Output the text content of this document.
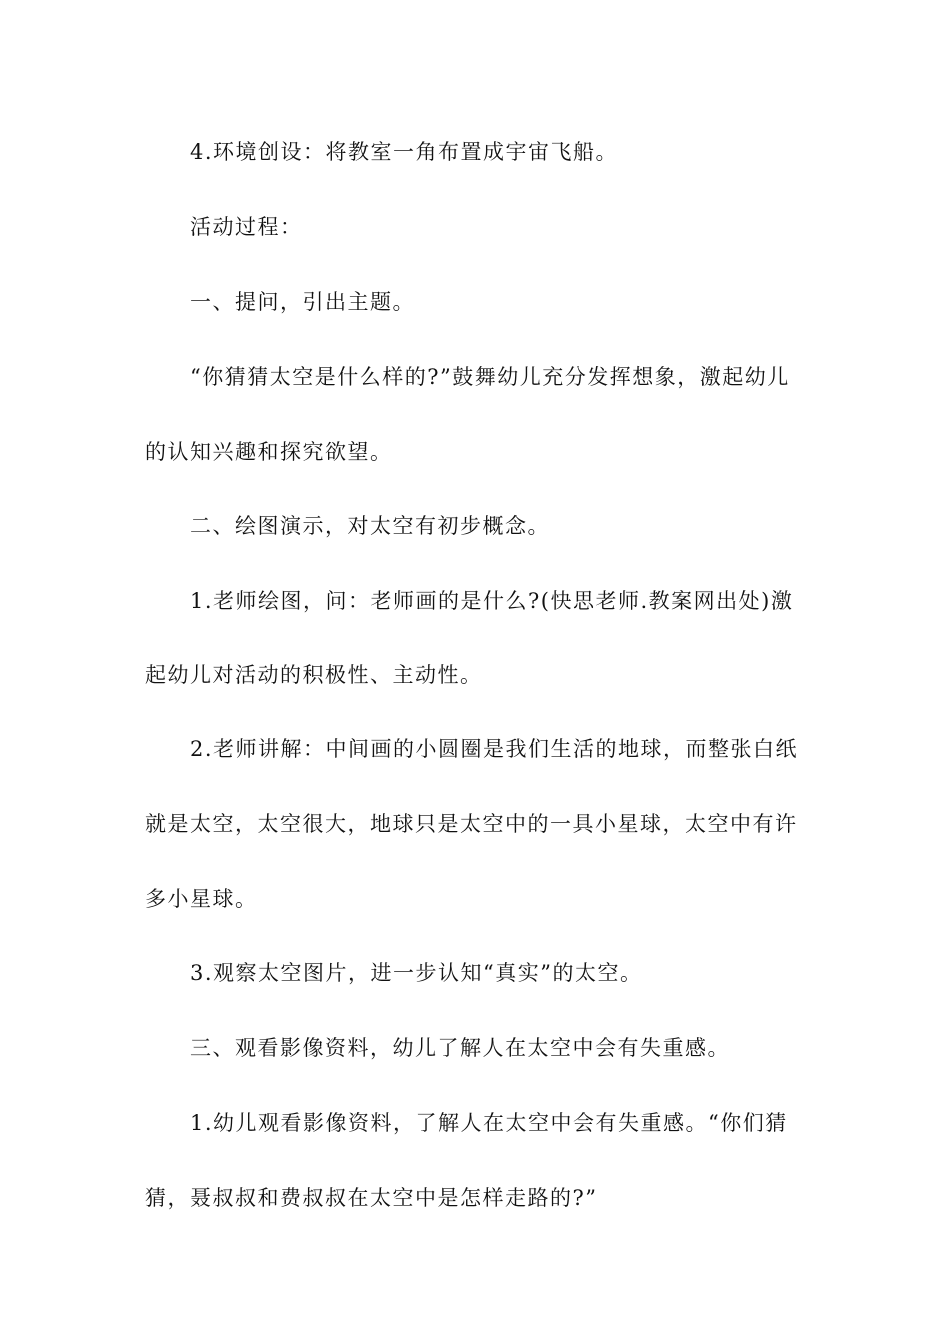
4.环境创设：将教室一角布置成宇宙飞船。
活动过程：
一、提问，引出主题。
“你猜猜太空是什么样的?”鼓舞幼儿充分发挥想象，激起幼儿
的认知兴趣和探究欲望。
二、绘图演示，对太空有初步概念。
1.老师绘图，问：老师画的是什么?(快思老师.教案网出处)激
起幼儿对活动的积极性、主动性。
2.老师讲解：中间画的小圆圈是我们生活的地球，而整张白纸
就是太空，太空很大，地球只是太空中的一具小星球，太空中有许
多小星球。
3.观察太空图片，进一步认知“真实”的太空。
三、观看影像资料，幼儿了解人在太空中会有失重感。
1.幼儿观看影像资料，了解人在太空中会有失重感。“你们猜
猜，聂叔叔和费叔叔在太空中是怎样走路的?”
